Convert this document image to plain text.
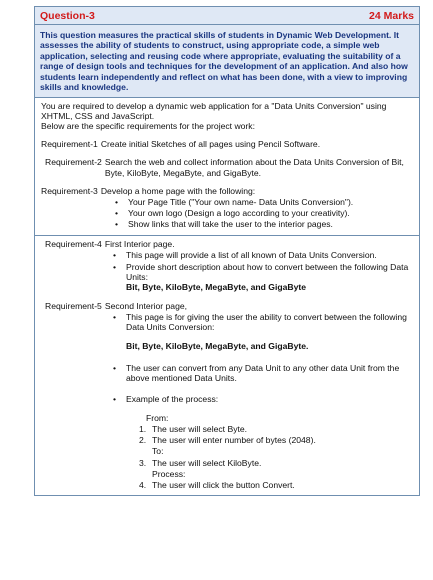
Question-3	24 Marks
This question measures the practical skills of students in Dynamic Web Development. It assesses the ability of students to construct, using appropriate code, a simple web application, selecting and reusing code where appropriate, evaluating the suitability of a range of design tools and techniques for the development of an application. And also how students learn independently and reflect on what has been done, with a view to improving skills and knowledge.

You are required to develop a dynamic web application for a "Data Units Conversion" using XHTML, CSS and JavaScript.

Below are the specific requirements for the project work:

Requirement-1 Create initial Sketches of all pages using Pencil Software.
Requirement-2 Search the web and collect information about the Data Units Conversion of Bit, Byte, KiloByte, MegaByte, and GigaByte.
Requirement-3 Develop a home page with the following:
• Your Page Title ("Your own name- Data Units Conversion").
• Your own logo (Design a logo according to your creativity).
• Show links that will take the user to the interior pages.
Requirement-4 First Interior page.
• This page will provide a list of all known of Data Units Conversion.
• Provide short description about how to convert between the following Data Units:
Bit, Byte, KiloByte, MegaByte, and GigaByte
Requirement-5 Second Interior page,
• This page is for giving the user the ability to convert between the following Data Units Conversion:
Bit, Byte, KiloByte, MegaByte, and GigaByte.
• The user can convert from any Data Unit to any other data Unit from the above mentioned Data Units.
• Example of the process:
From:
1. The user will select Byte.
2. The user will enter number of bytes (2048).
To:
3. The user will select KiloByte.
Process:
4. The user will click the button Convert.
